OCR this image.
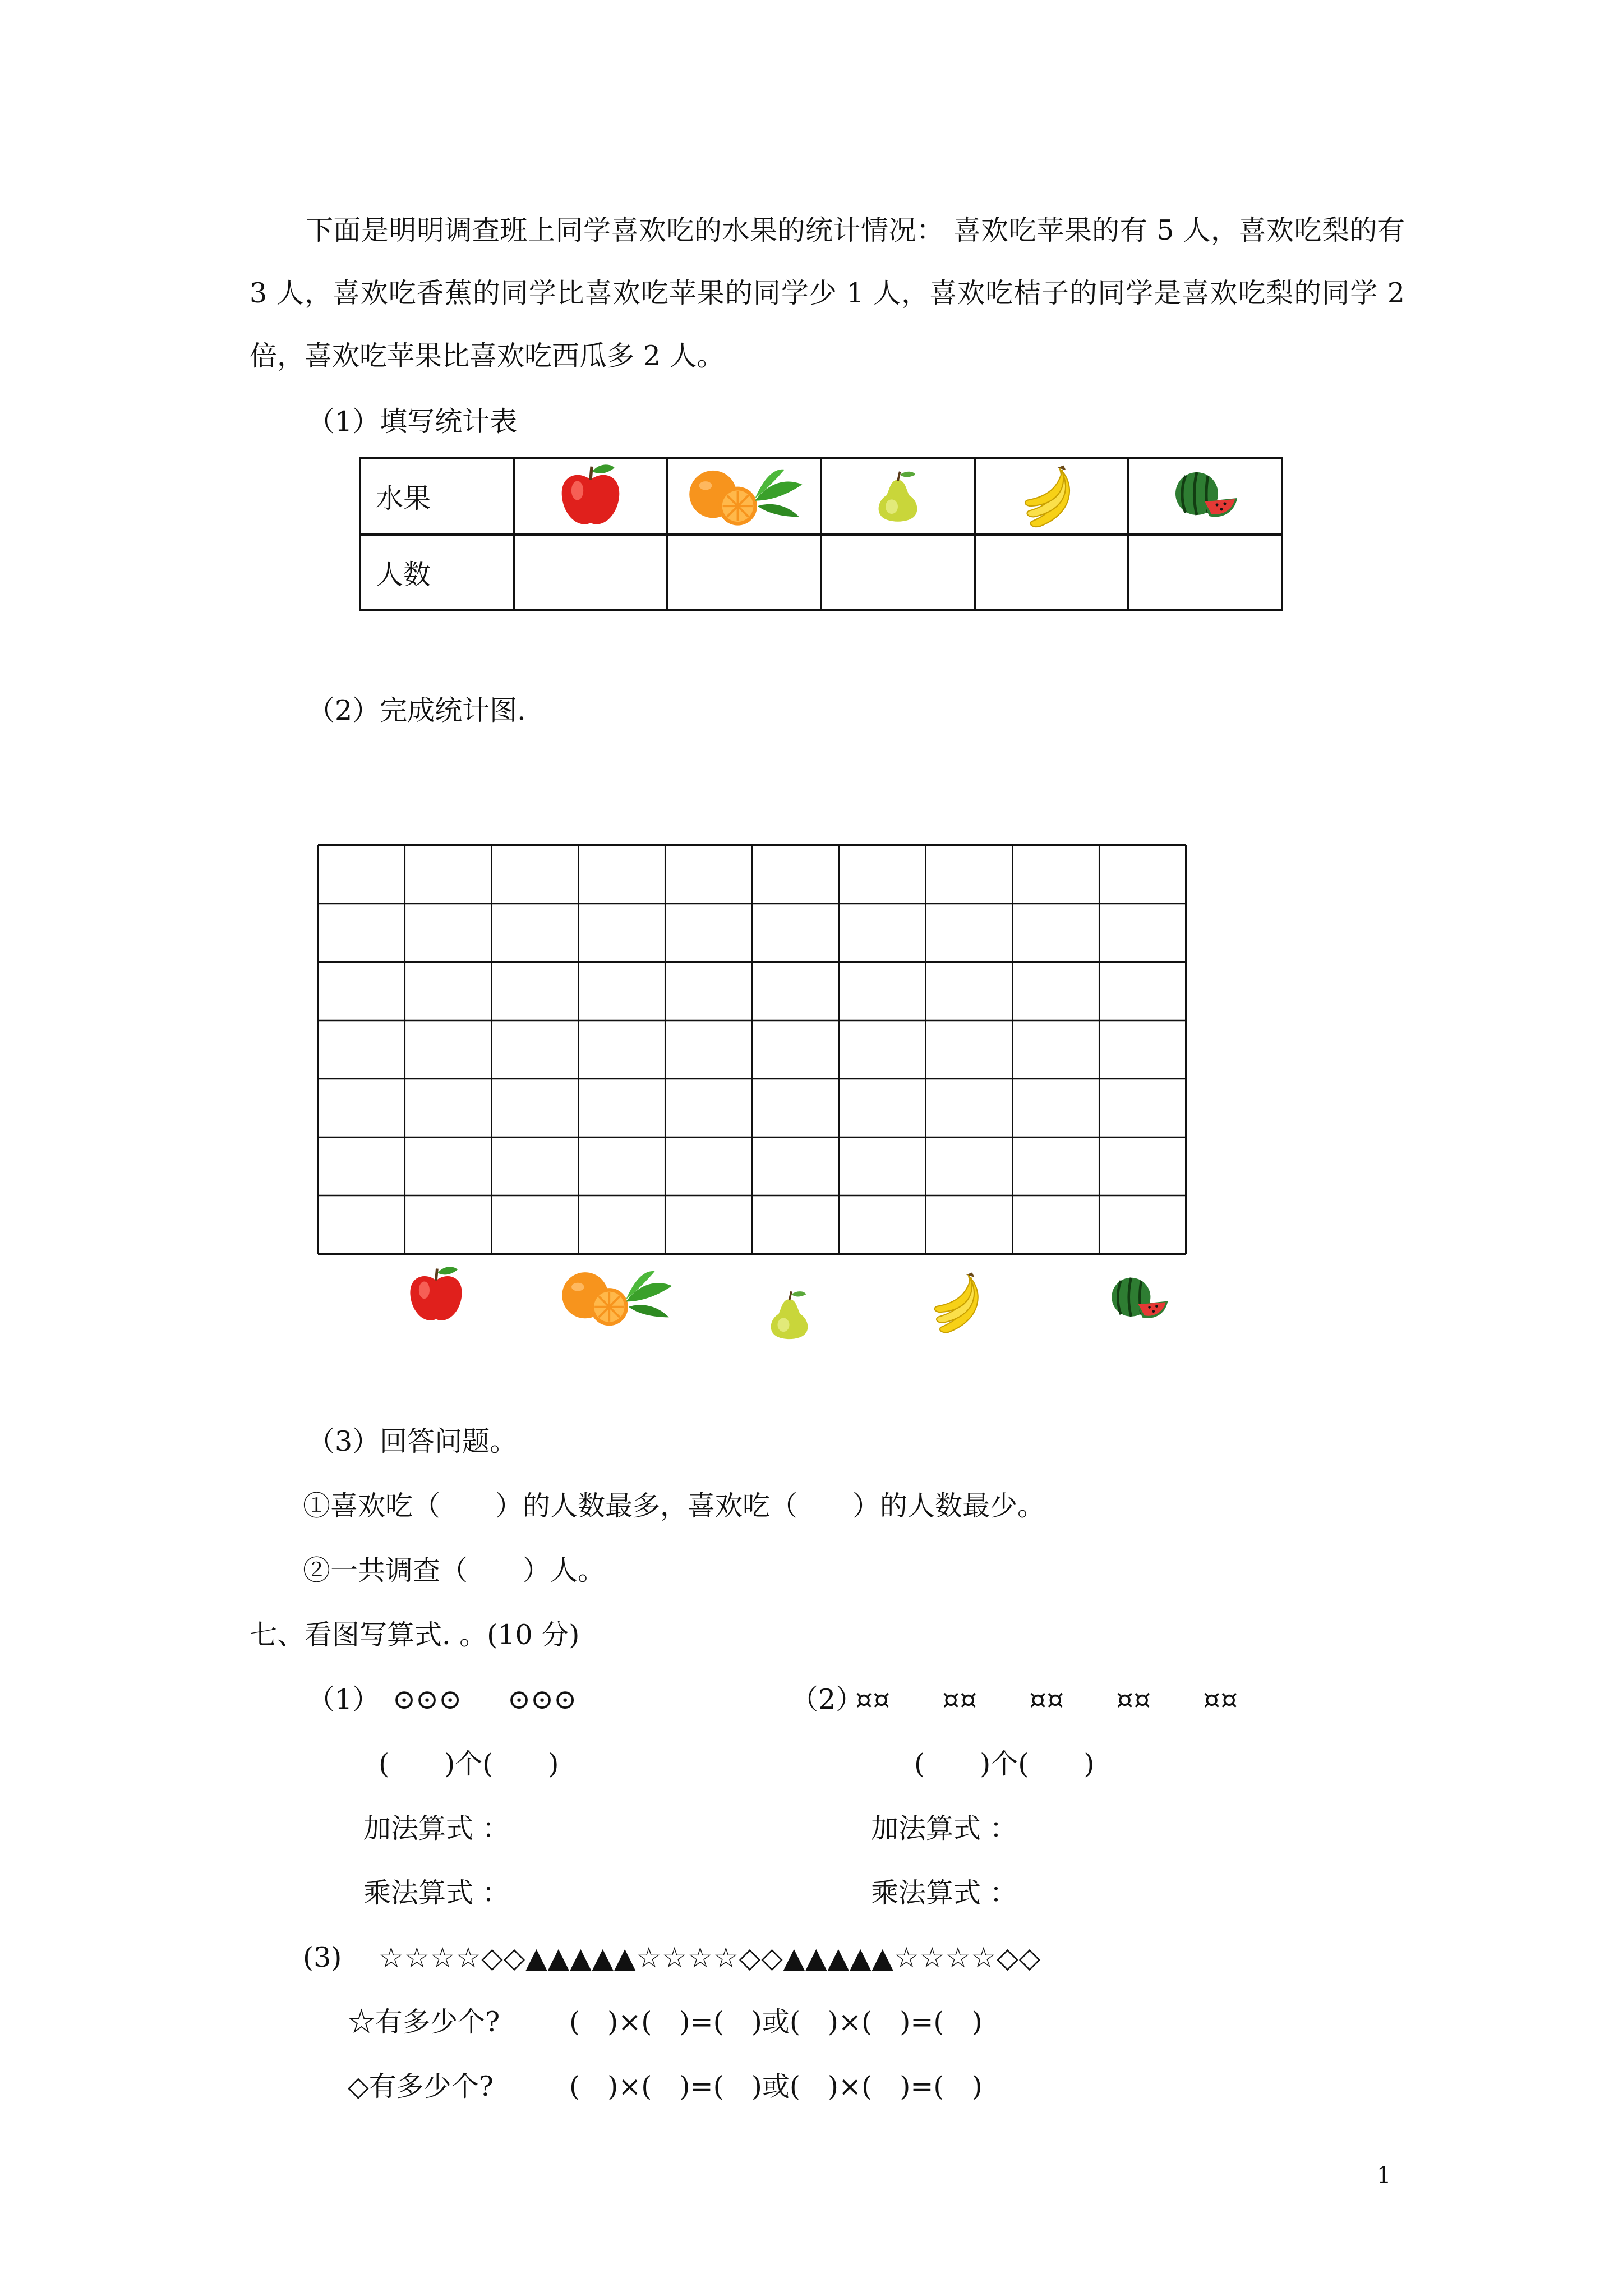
下面是明明调查班上同学喜欢吃的水果的统计情况： 喜欢吃苹果的有 5 人，喜欢吃梨的有 3 人，喜欢吃香蕉的同学比喜欢吃苹果的同学少 1 人，喜欢吃桔子的同学是喜欢吃梨的同学 2 倍，喜欢吃苹果比喜欢吃西瓜多 2 人。
（1）填写统计表
水果					
人数					
（2）完成统计图.
（3）回答问题。
①喜欢吃（　　）的人数最多，喜欢吃（　　）的人数最少。
②一共调查（　　）人。
七、看图写算式. 。(10 分)
（1） ⊙⊙⊙ ⊙⊙⊙	（2）
¤¤ ¤¤ ¤¤ ¤¤ ¤¤
(　　)个(　　)	(　　)个(　　)
加法算式 ：	加法算式 ：
乘法算式 ：	乘法算式 ：
(3) ☆☆☆☆◇◇▲▲▲▲▲☆☆☆☆◇◇▲▲▲▲▲☆☆☆☆◇◇
☆有多少个?	(　)×(　)=(　)或(　)×(　)=(　)
◇有多少个?	(　)×(　)=(　)或(　)×(　)=(　)
1
